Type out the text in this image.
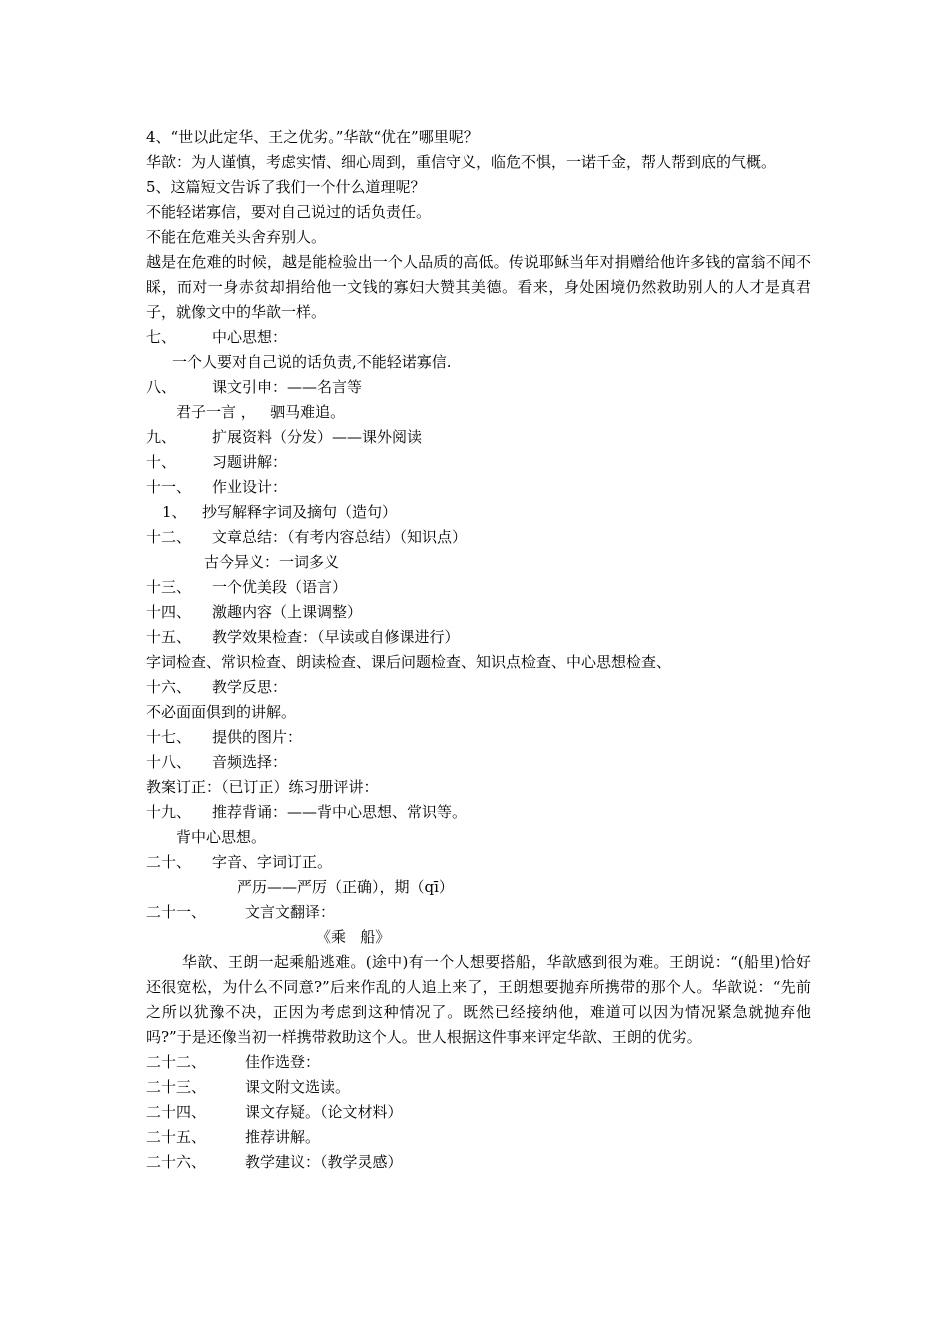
4、“世以此定华、王之优劣。”华歆“优在”哪里呢？
华歆：为人谨慎，考虑实情、细心周到，重信守义，临危不惧，一诺千金，帮人帮到底的气概。
5、这篇短文告诉了我们一个什么道理呢？
不能轻诺寡信，要对自己说过的话负责任。
不能在危难关头舍弃别人。
越是在危难的时候，越是能检验出一个人品质的高低。传说耶稣当年对捐赠给他许多钱的富翁不闻不睬，而对一身赤贫却捐给他一文钱的寡妇大赞其美德。看来，身处困境仍然救助别人的人才是真君子，就像文中的华歆一样。
七、 中心思想：
一个人要对自己说的话负责,不能轻诺寡信.
八、 课文引申：——名言等
君子一言 ，   驷马难追。
九、 扩展资料（分发）——课外阅读
十、 习题讲解：
十一、 作业设计：
1、 抄写解释字词及摘句（造句）
十二、 文章总结：（有考内容总结）（知识点）
古今异义：一词多义
十三、 一个优美段（语言）
十四、 激趣内容（上课调整）
十五、 教学效果检查：（早读或自修课进行）
字词检查、常识检查、朗读检查、课后问题检查、知识点检查、中心思想检查、
十六、 教学反思：
不必面面俱到的讲解。
十七、 提供的图片：
十八、 音频选择：
教案订正：（已订正）练习册评讲：
十九、 推荐背诵：——背中心思想、常识等。
背中心思想。
二十、 字音、字词订正。
严历——严厉（正确），期（qī）
二十一、	文言文翻译：
《乘   船》
华歆、王朗一起乘船逃难。(途中)有一个人想要搭船，华歆感到很为难。王朗说：“(船里)恰好还很宽松，为什么不同意?”后来作乱的人追上来了，王朗想要抛弃所携带的那个人。华歆说：“先前之所以犹豫不决，正因为考虑到这种情况了。既然已经接纳他，难道可以因为情况紧急就抛弃他吗?”于是还像当初一样携带救助这个人。世人根据这件事来评定华歆、王朗的优劣。
二十二、	佳作选登：
二十三、	课文附文选读。
二十四、	课文存疑。（论文材料）
二十五、	推荐讲解。
二十六、	教学建议：（教学灵感）
